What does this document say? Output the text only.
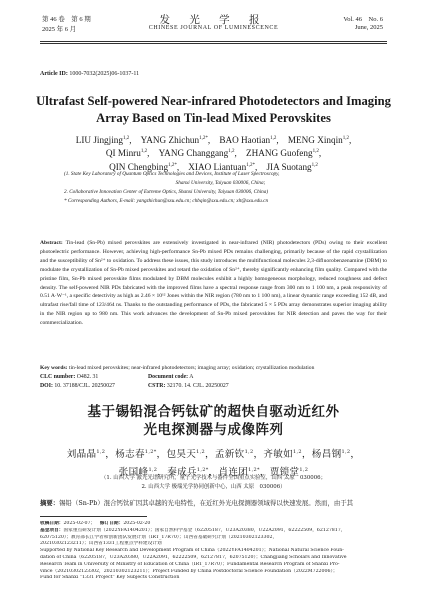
第 46 卷　第 6 期
2025 年 6 月
发 光 学 报
CHINESE JOURNAL OF LUMINESCENCE
Vol. 46　No. 6
June, 2025
Article ID: 1000-7032(2025)06-1037-11
Ultrafast Self-powered Near-infrared Photodetectors and Imaging Array Based on Tin-lead Mixed Perovskites
LIU Jingjing$^{1,2}$, YANG Zhichun$^{1,2*}$, BAO Haotian$^{1,2}$, MENG Xinqin$^{1,2}$,
QI Minru$^{1,2}$, YANG Changgang$^{1,2}$, ZHANG Guofeng$^{1,2}$,
QIN Chengbing$^{1,2*}$, XIAO Liantuan$^{1,2*}$, JIA Suotang$^{1,2}$
(1. State Key Laboratory of Quantum Optics Technologies and Devices, Institute of Laser Spectroscopy,
Shanxi University, Taiyuan 030006, China;
2. Collaborative Innovation Center of Extreme Optics, Shanxi University, Taiyuan 030006, China)
* Corresponding Authors, E-mail: yangzhichun@sxu.edu.cn; chbqin@sxu.edu.cn; xlt@sxu.edu.cn
Abstract: Tin-lead (Sn-Pb) mixed perovskites are extensively investigated in near-infrared (NIR) photodetectors (PDs) owing to their excellent photoelectric performance. However, achieving high-performance Sn-Pb mixed PDs remains challenging, primarily because of the rapid crystallization and the susceptibility of Sn²⁺ to oxidation. To address these issues, this study introduces the multifunctional molecules 2,3-difluorobenzenamine (DBM) to modulate the crystallization of Sn-Pb mixed perovskites and retard the oxidation of Sn²⁺, thereby significantly enhancing film quality. Compared with the pristine film, Sn-Pb mixed perovskite films modulated by DBM molecules exhibit a highly homogeneous morphology, reduced roughness and defect density. The self-powered NIR PDs fabricated with the improved films have a spectral response range from 300 nm to 1 100 nm, a peak responsivity of 0.51 A·W⁻¹, a specific detectivity as high as 2.46 × 10¹² Jones within the NIR region (780 nm to 1 100 nm), a linear dynamic range exceeding 152 dB, and ultrafast rise/fall time of 123/464 ns. Thanks to the outstanding performance of PDs, the fabricated 5 × 5 PDs array demonstrates superior imaging ability in the NIR region up to 980 nm. This work advances the development of Sn-Pb mixed perovskites for NIR detection and paves the way for their commercialization.
Key words: tin-lead mixed perovskites; near-infrared photodetectors; imaging array; oxidation; crystallization modulation
CLC number: O482. 31	Document code: A
DOI: 10. 37188/CJL. 20250027	CSTR: 32170. 14. CJL. 20250027
基于锡铅混合钙钛矿的超快自驱动近红外
光电探测器与成像阵列
刘晶晶$^{1,2}$，杨志春$^{1,2*}$，包昊天$^{1,2}$，孟新钦$^{1,2}$，齐敏如$^{1,2}$，杨昌钢$^{1,2}$，
张国峰$^{1,2}$，秦成兵$^{1,2*}$，肖连团$^{1,2*}$，贾锁堂$^{1,2}$
（1. 山西大学 激光光谱研究所，量子光学技术与器件全国重点实验室，山西 太原　030006；
2. 山西大学 极端光学协同创新中心，山西 太原　030006）
摘要：锡铅（Sn-Pb）混合钙钛矿因其卓越的光电特性，在近红外光电探测器领域得以快速发展。然而，由于其
收稿日期：2025-02-07；  修订日期：2025-02-20
基金项目：国家重点研发计划（2022YFA1404201）；国家自然科学基金（62205187，U23A20380，U22A2091，62222509，62127817，
62075120）；教育部长江学者和创新团队发展计划（IRT_17R70）；山西省基础研究计划（20210302123302，
20210302123211）；山西省1331工程重点学科建设计划
Supported by National Key Research and Development Program of China（2022YFA1404201）；National Natural Science Foun-
dation of China（62205187，U23A20380，U22A2091，62222509，62127817，62075120）；Changjiang Scholars and Innovative
Research Team in University of Ministry of Education of China（IRT_17R70）；Fundamental Research Program of Shanxi Pro-
vince（20210302123302，20210302123211）；Project Funded by China Postdoctoral Science Foundation（2022M722006）；
Fund for Shanxi “1331 Project” Key Subjects Construction
